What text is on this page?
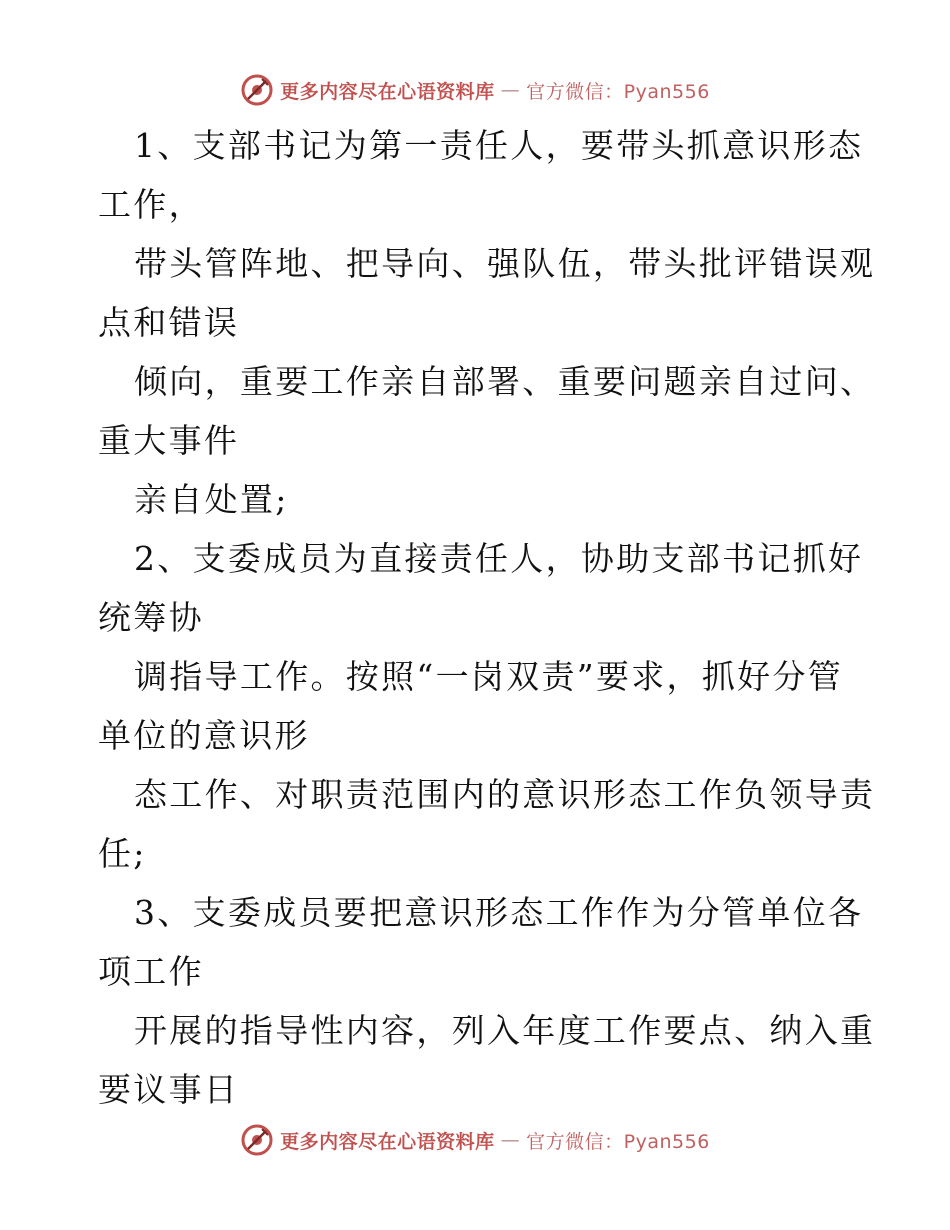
更多内容尽在心语资料库 — 官方微信：Pyan556
1、支部书记为第一责任人，要带头抓意识形态
工作，
带头管阵地、把导向、强队伍，带头批评错误观
点和错误
倾向，重要工作亲自部署、重要问题亲自过问、
重大事件
亲自处置;
2、支委成员为直接责任人，协助支部书记抓好
统筹协
调指导工作。按照“一岗双责”要求，抓好分管
单位的意识形
态工作、对职责范围内的意识形态工作负领导责
任;
3、支委成员要把意识形态工作作为分管单位各
项工作
开展的指导性内容，列入年度工作要点、纳入重
要议事日
更多内容尽在心语资料库 — 官方微信：Pyan556
